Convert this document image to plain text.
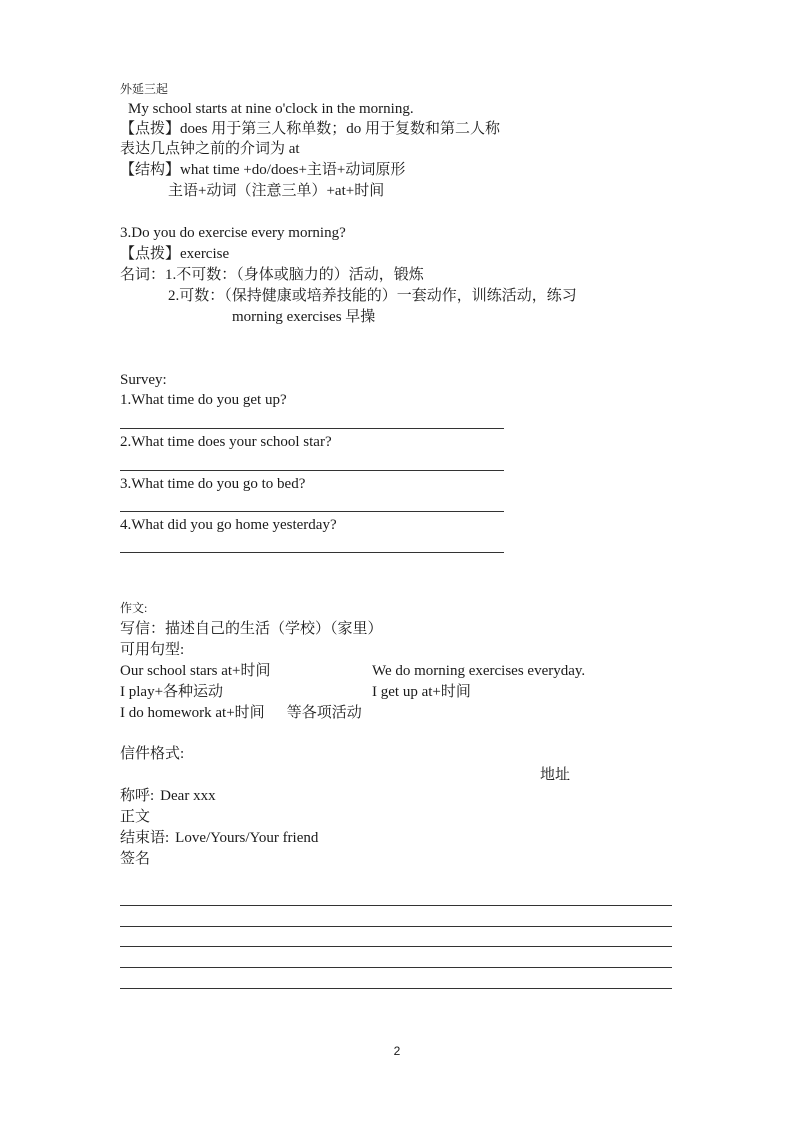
外延三起
My school starts at nine o'clock in the morning.
【点拨】does 用于第三人称单数；do 用于复数和第二人称
表达几点钟之前的介词为 at
【结构】what time +do/does+主语+动词原形
主语+动词（注意三单）+at+时间
3.Do you do exercise every morning?
【点拨】exercise
名词：1.不可数：（身体或脑力的）活动，锻炼
2.可数：（保持健康或培养技能的）一套动作，训练活动，练习
morning exercises 早操
Survey:
1.What time do you get up?
2.What time does your school star?
3.What time do you go to bed?
4.What did you go home yesterday?
作文:
写信：描述自己的生活（学校）（家里）
可用句型:
Our school stars at+时间	We do morning exercises everyday.
I play+各种运动	I get up at+时间
I do homework at+时间 等各项活动
信件格式:
地址
称呼: Dear xxx
正文
结束语: Love/Yours/Your friend
签名
2
